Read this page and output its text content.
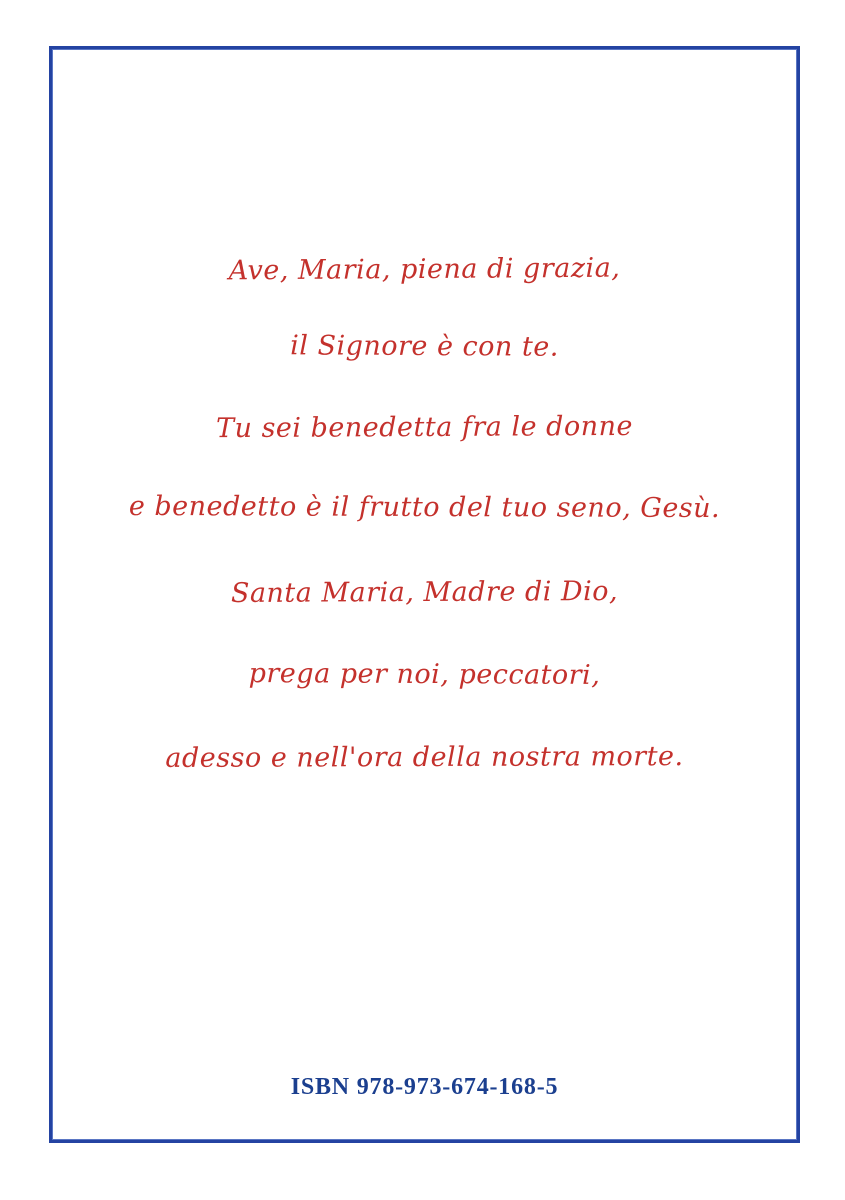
Ave, Maria, piena di grazia,
il Signore è con te.
Tu sei benedetta fra le donne
e benedetto è il frutto del tuo seno, Gesù.
Santa Maria, Madre di Dio,
prega per noi, peccatori,
adesso e nell'ora della nostra morte.
ISBN 978-973-674-168-5
